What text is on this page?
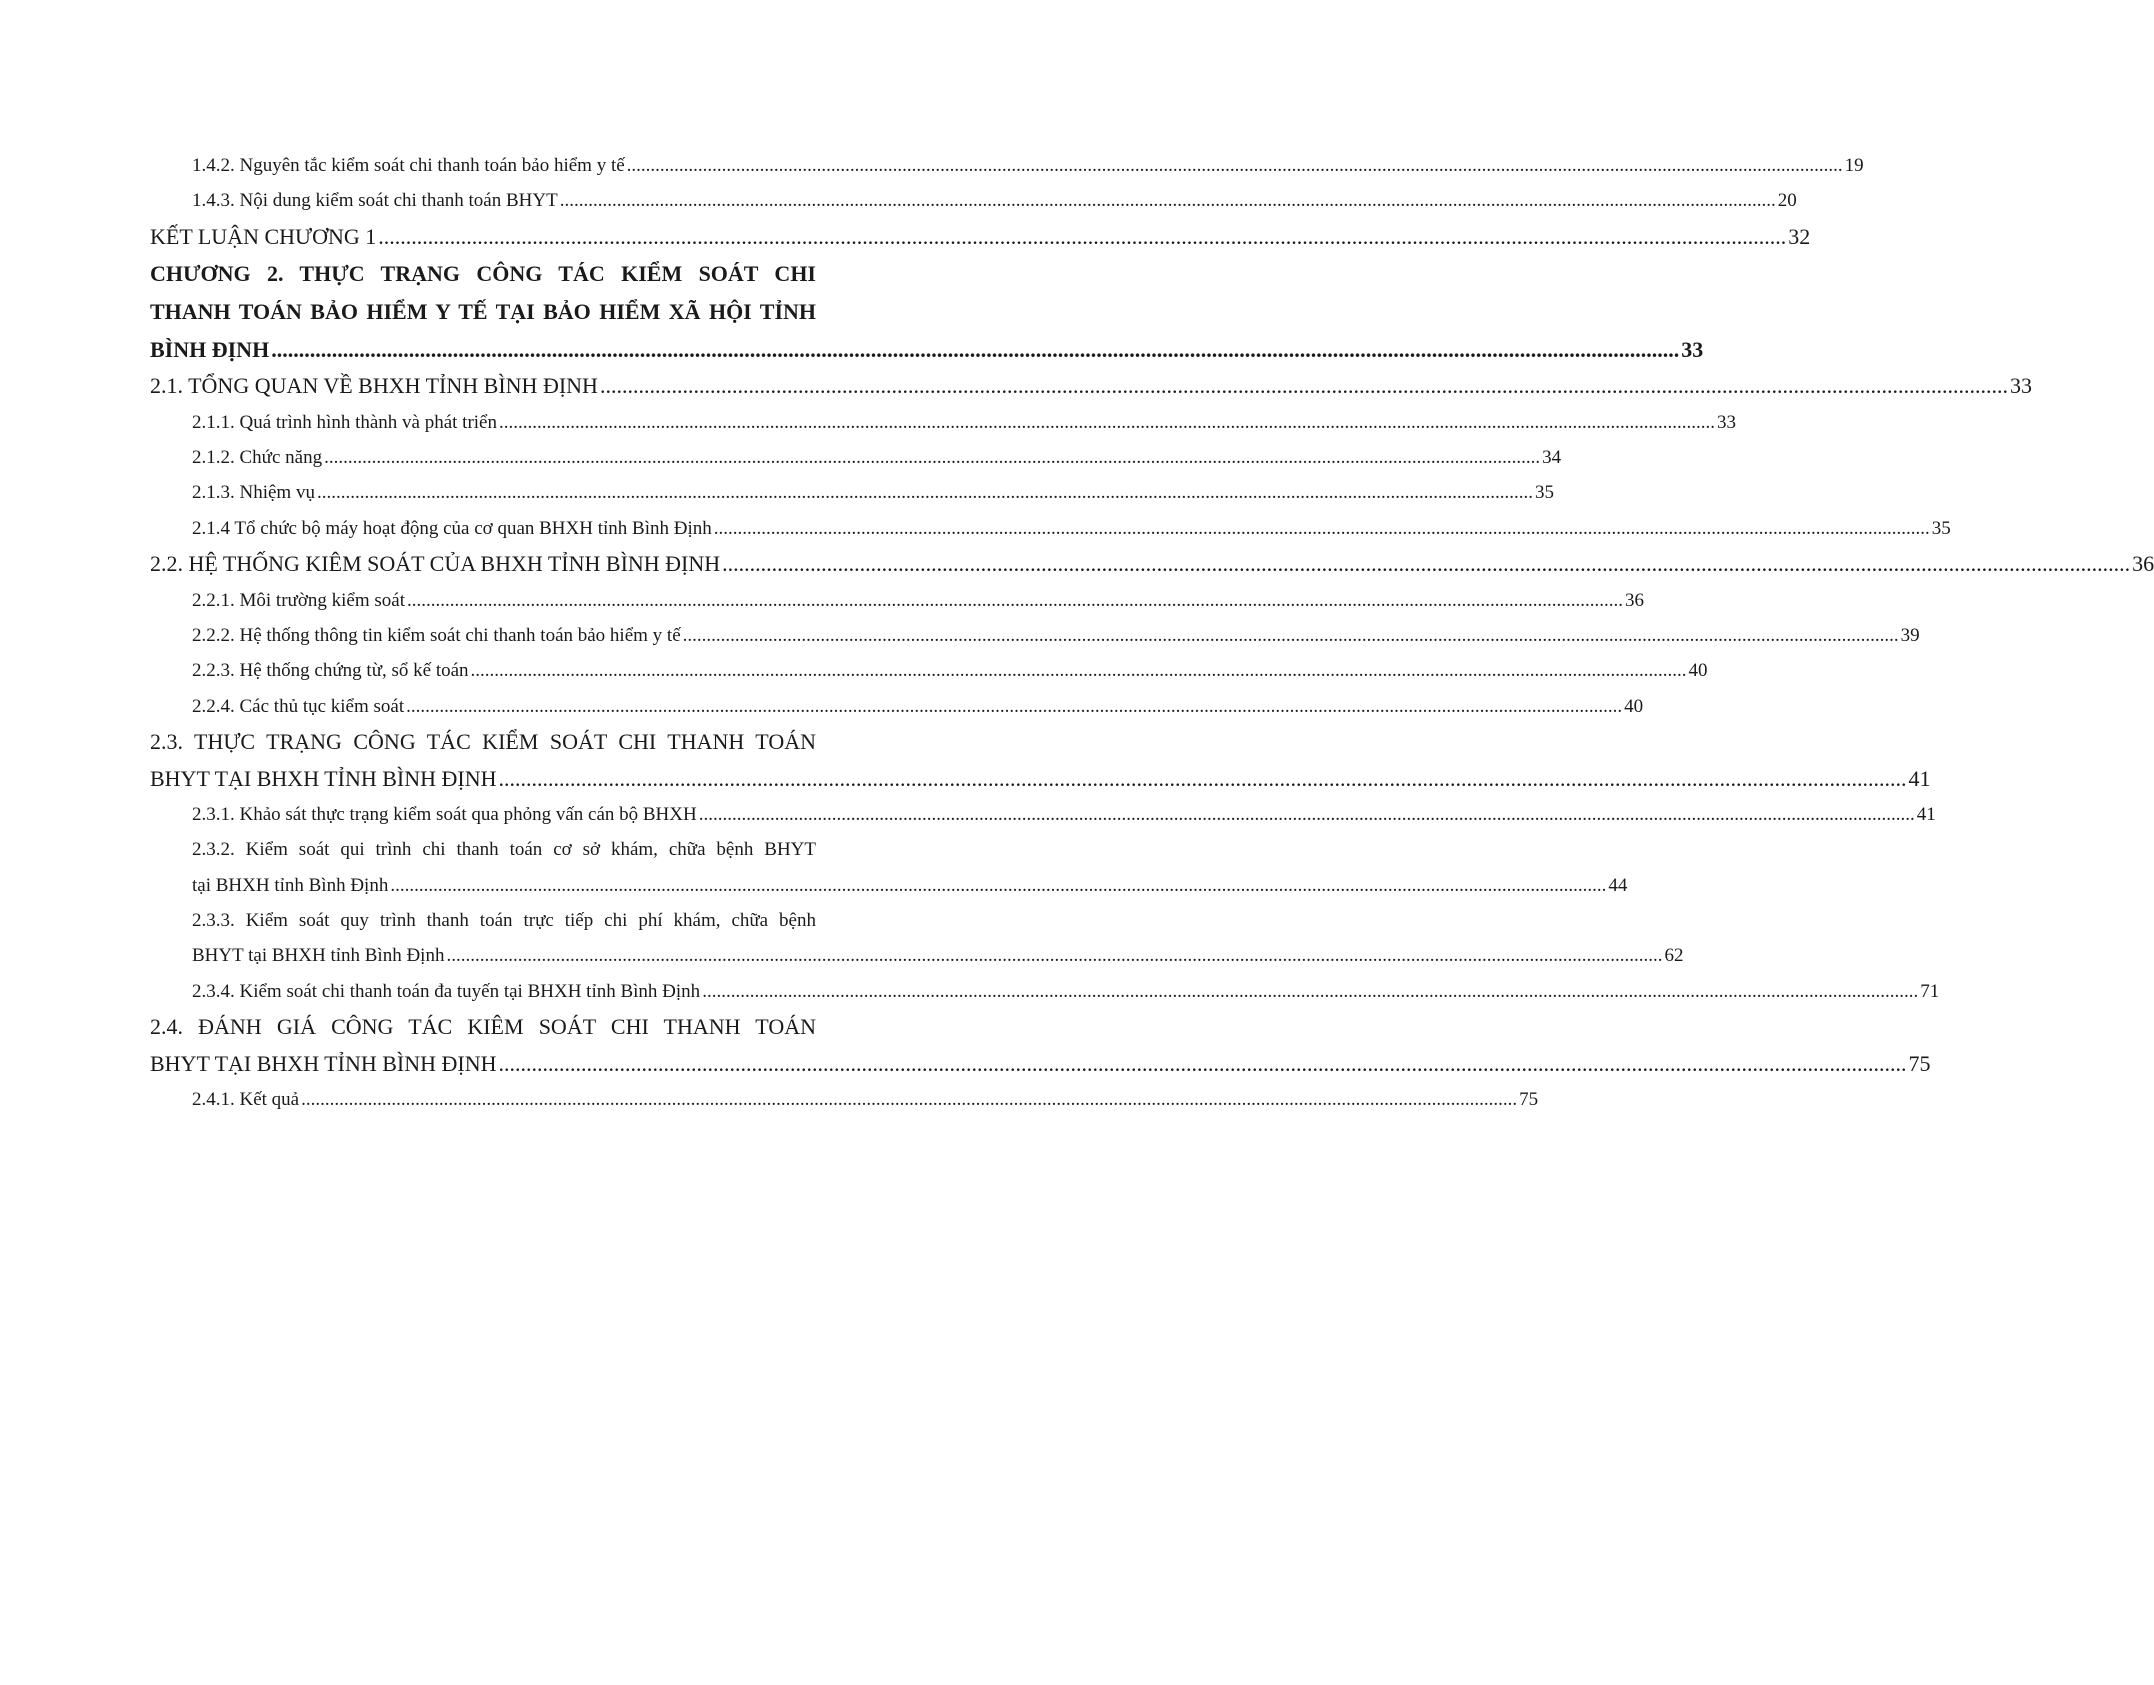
1.4.2. Nguyên tắc kiểm soát chi thanh toán bảo hiểm y tế .....	19
1.4.3. Nội dung kiểm soát chi thanh toán BHYT .....	20
KẾT LUẬN CHƯƠNG 1 .....	32
CHƯƠNG 2. THỰC TRẠNG CÔNG TÁC KIỂM SOÁT CHI
THANH TOÁN BẢO HIỂM Y TẾ TẠI BẢO HIỂM XÃ HỘI TỈNH
BÌNH ĐỊNH .....	33
2.1. TỔNG QUAN VỀ BHXH TỈNH BÌNH ĐỊNH .....	33
2.1.1. Quá trình hình thành và phát triển .....	33
2.1.2. Chức năng .....	34
2.1.3. Nhiệm vụ .....	35
2.1.4 Tổ chức bộ máy hoạt động của cơ quan BHXH tỉnh Bình Định .....	35
2.2. HỆ THỐNG KIÊM SOÁT CỦA BHXH TỈNH BÌNH ĐỊNH .....	36
2.2.1. Môi trường kiểm soát .....	36
2.2.2. Hệ thống thông tin kiểm soát chi thanh toán bảo hiểm y tế .....	39
2.2.3. Hệ thống chứng từ, sổ kế toán .....	40
2.2.4. Các thủ tục kiểm soát .....	40
2.3. THỰC TRẠNG CÔNG TÁC KIỂM SOÁT CHI THANH TOÁN
BHYT TẠI BHXH TỈNH BÌNH ĐỊNH .....	41
2.3.1. Khảo sát thực trạng kiểm soát qua phỏng vấn cán bộ BHXH .....	41
2.3.2. Kiểm soát qui trình chi thanh toán cơ sở khám, chữa bệnh BHYT
tại BHXH tỉnh Bình Định .....	44
2.3.3. Kiểm soát quy trình thanh toán trực tiếp chi phí khám, chữa bệnh
BHYT tại BHXH tỉnh Bình Định .....	62
2.3.4. Kiểm soát chi thanh toán đa tuyến tại BHXH tỉnh Bình Định .....	71
2.4. ĐÁNH GIÁ CÔNG TÁC KIÊM SOÁT CHI THANH TOÁN
BHYT TẠI BHXH TỈNH BÌNH ĐỊNH .....	75
2.4.1. Kết quả .....	75
